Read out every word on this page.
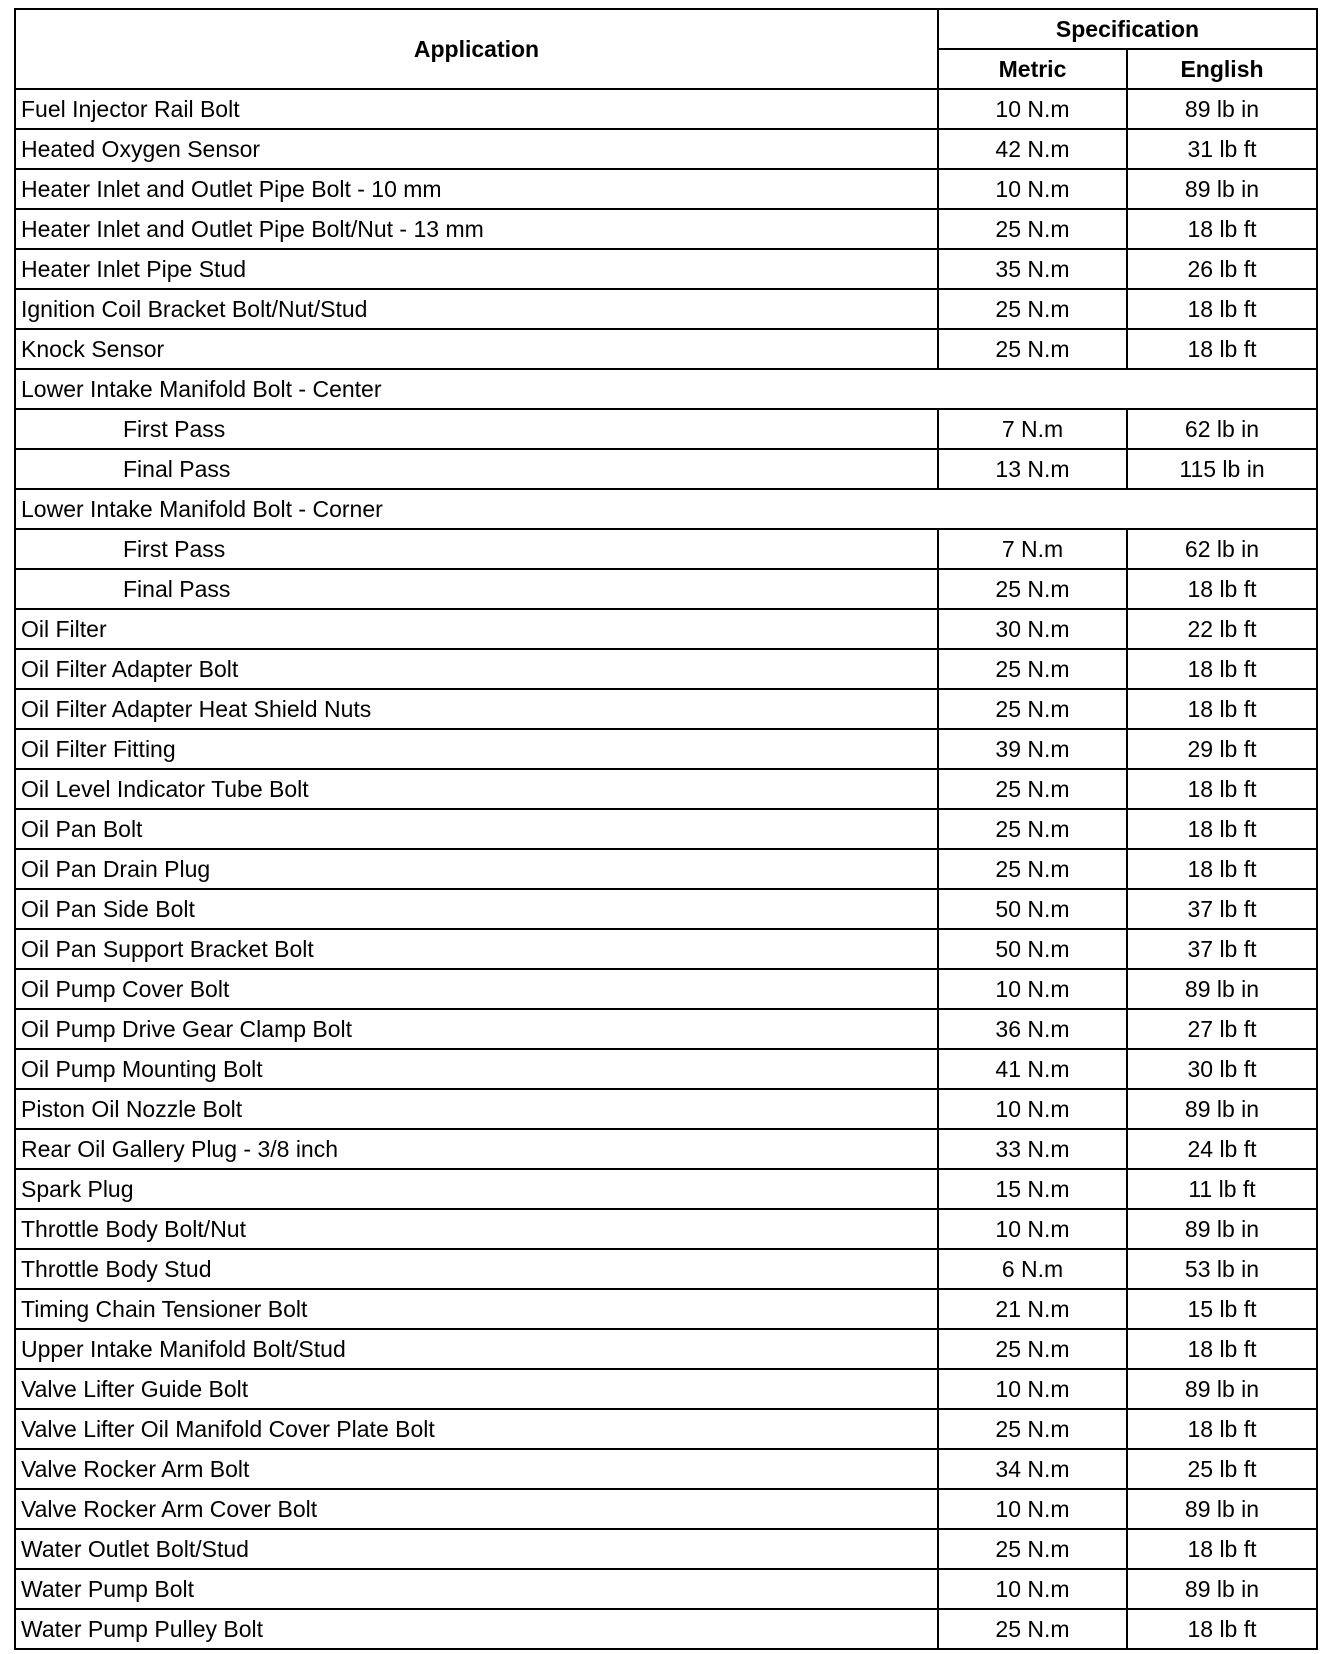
Application	Specification	
	Metric	English
Fuel Injector Rail Bolt	10 N.m	89 lb in
Heated Oxygen Sensor	42 N.m	31 lb ft
Heater Inlet and Outlet Pipe Bolt - 10 mm	10 N.m	89 lb in
Heater Inlet and Outlet Pipe Bolt/Nut - 13 mm	25 N.m	18 lb ft
Heater Inlet Pipe Stud	35 N.m	26 lb ft
Ignition Coil Bracket Bolt/Nut/Stud	25 N.m	18 lb ft
Knock Sensor	25 N.m	18 lb ft
Lower Intake Manifold Bolt - Center		
First Pass	7 N.m	62 lb in
Final Pass	13 N.m	115 lb in
Lower Intake Manifold Bolt - Corner		
First Pass	7 N.m	62 lb in
Final Pass	25 N.m	18 lb ft
Oil Filter	30 N.m	22 lb ft
Oil Filter Adapter Bolt	25 N.m	18 lb ft
Oil Filter Adapter Heat Shield Nuts	25 N.m	18 lb ft
Oil Filter Fitting	39 N.m	29 lb ft
Oil Level Indicator Tube Bolt	25 N.m	18 lb ft
Oil Pan Bolt	25 N.m	18 lb ft
Oil Pan Drain Plug	25 N.m	18 lb ft
Oil Pan Side Bolt	50 N.m	37 lb ft
Oil Pan Support Bracket Bolt	50 N.m	37 lb ft
Oil Pump Cover Bolt	10 N.m	89 lb in
Oil Pump Drive Gear Clamp Bolt	36 N.m	27 lb ft
Oil Pump Mounting Bolt	41 N.m	30 lb ft
Piston Oil Nozzle Bolt	10 N.m	89 lb in
Rear Oil Gallery Plug - 3/8 inch	33 N.m	24 lb ft
Spark Plug	15 N.m	11 lb ft
Throttle Body Bolt/Nut	10 N.m	89 lb in
Throttle Body Stud	6 N.m	53 lb in
Timing Chain Tensioner Bolt	21 N.m	15 lb ft
Upper Intake Manifold Bolt/Stud	25 N.m	18 lb ft
Valve Lifter Guide Bolt	10 N.m	89 lb in
Valve Lifter Oil Manifold Cover Plate Bolt	25 N.m	18 lb ft
Valve Rocker Arm Bolt	34 N.m	25 lb ft
Valve Rocker Arm Cover Bolt	10 N.m	89 lb in
Water Outlet Bolt/Stud	25 N.m	18 lb ft
Water Pump Bolt	10 N.m	89 lb in
Water Pump Pulley Bolt	25 N.m	18 lb ft
